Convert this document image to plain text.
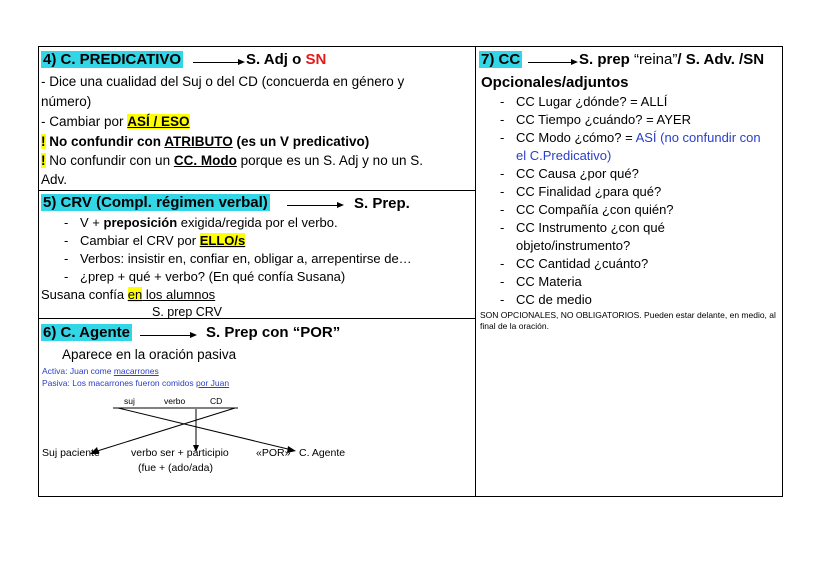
4) C. PREDICATIVO	S. Adj o SN
- Dice una cualidad del Suj o del CD (concuerda en género y
número)
- Cambiar por ASÍ / ESO
! No confundir con ATRIBUTO (es un V predicativo)
! No confundir con un CC. Modo porque es un S. Adj y no un S.
Adv.
5) CRV (Compl. régimen verbal)	S. Prep.
- V + preposición exigida/regida por el verbo.
- Cambiar el CRV por ELLO/s
- Verbos: insistir en, confiar en, obligar a, arrepentirse de…
- ¿prep + qué + verbo? (En qué confía Susana)
Susana confía en los alumnos
S. prep CRV
6) C. Agente	S. Prep con “POR”
Aparece en la oración pasiva
Activa: Juan come macarrones
Pasiva: Los macarrones fueron comidos por Juan
suj	verbo	CD
Suj paciente	verbo ser + participio
(fue + (ado/ada)
«POR» C. Agente
7) CC	S. prep “reina”/ S. Adv. /SN
Opcionales/adjuntos
- CC Lugar ¿dónde? = ALLÍ
- CC Tiempo ¿cuándo? = AYER
- CC Modo ¿cómo? = ASÍ (no confundir con
el C.Predicativo)
- CC Causa ¿por qué?
- CC Finalidad ¿para qué?
- CC Compañía ¿con quién?
- CC Instrumento ¿con qué
objeto/instrumento?
- CC Cantidad ¿cuánto?
- CC Materia
- CC de medio
SON OPCIONALES, NO OBLIGATORIOS. Pueden estar delante, en medio, al
final de la oración.
